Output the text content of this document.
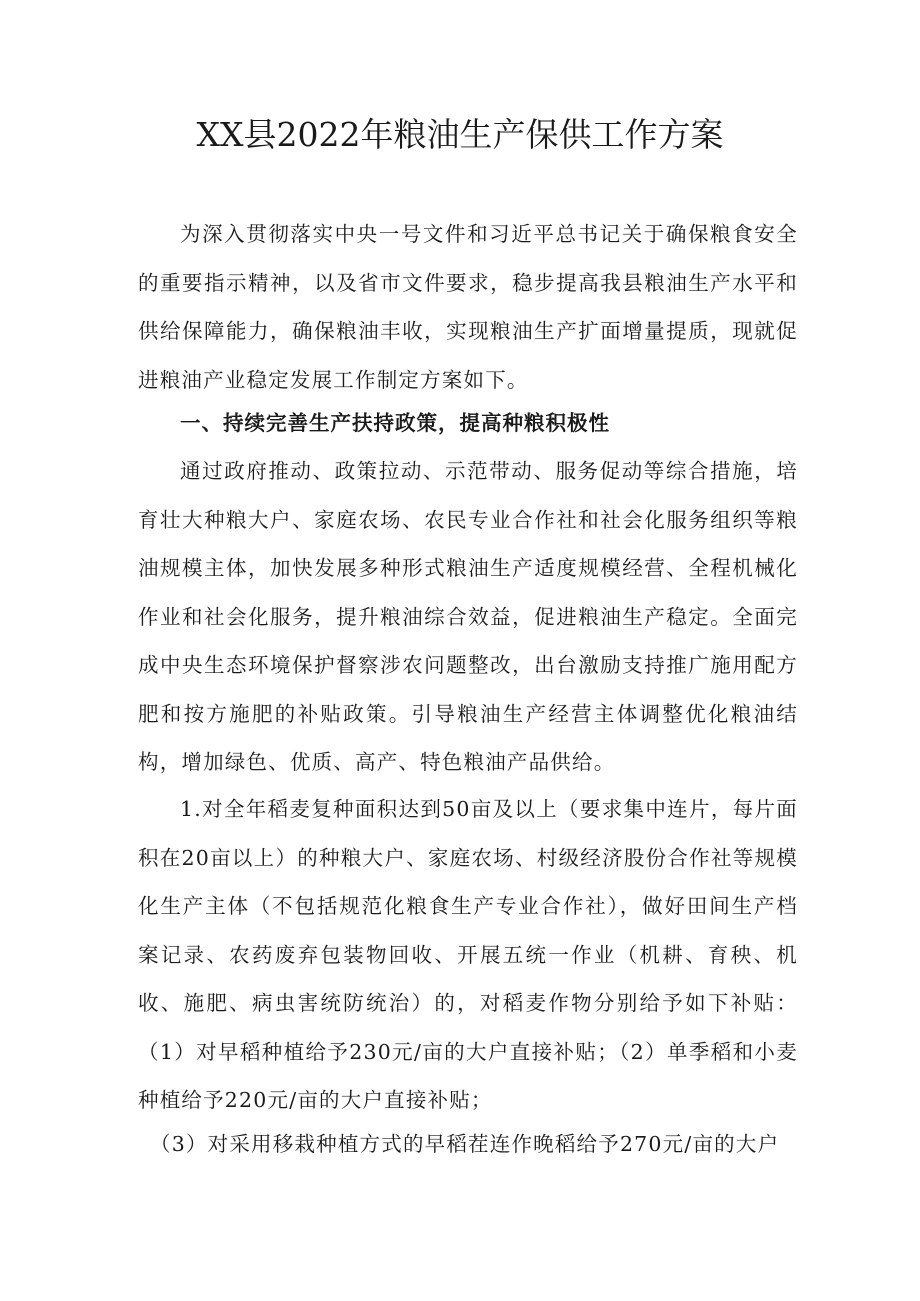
XX县2022年粮油生产保供工作方案

为深入贯彻落实中央一号文件和习近平总书记关于确保粮食安全的重要指示精神，以及省市文件要求，稳步提高我县粮油生产水平和供给保障能力，确保粮油丰收，实现粮油生产扩面增量提质，现就促进粮油产业稳定发展工作制定方案如下。

一、持续完善生产扶持政策，提高种粮积极性

通过政府推动、政策拉动、示范带动、服务促动等综合措施，培育壮大种粮大户、家庭农场、农民专业合作社和社会化服务组织等粮油规模主体，加快发展多种形式粮油生产适度规模经营、全程机械化作业和社会化服务，提升粮油综合效益，促进粮油生产稳定。全面完成中央生态环境保护督察涉农问题整改，出台激励支持推广施用配方肥和按方施肥的补贴政策。引导粮油生产经营主体调整优化粮油结构，增加绿色、优质、高产、特色粮油产品供给。

1.对全年稻麦复种面积达到50亩及以上（要求集中连片，每片面积在20亩以上）的种粮大户、家庭农场、村级经济股份合作社等规模化生产主体（不包括规范化粮食生产专业合作社），做好田间生产档案记录、农药废弃包装物回收、开展五统一作业（机耕、育秧、机收、施肥、病虫害统防统治）的，对稻麦作物分别给予如下补贴：（1）对早稻种植给予230元/亩的大户直接补贴；（2）单季稻和小麦种植给予220元/亩的大户直接补贴；

（3）对采用移栽种植方式的早稻茬连作晚稻给予270元/亩的大户
